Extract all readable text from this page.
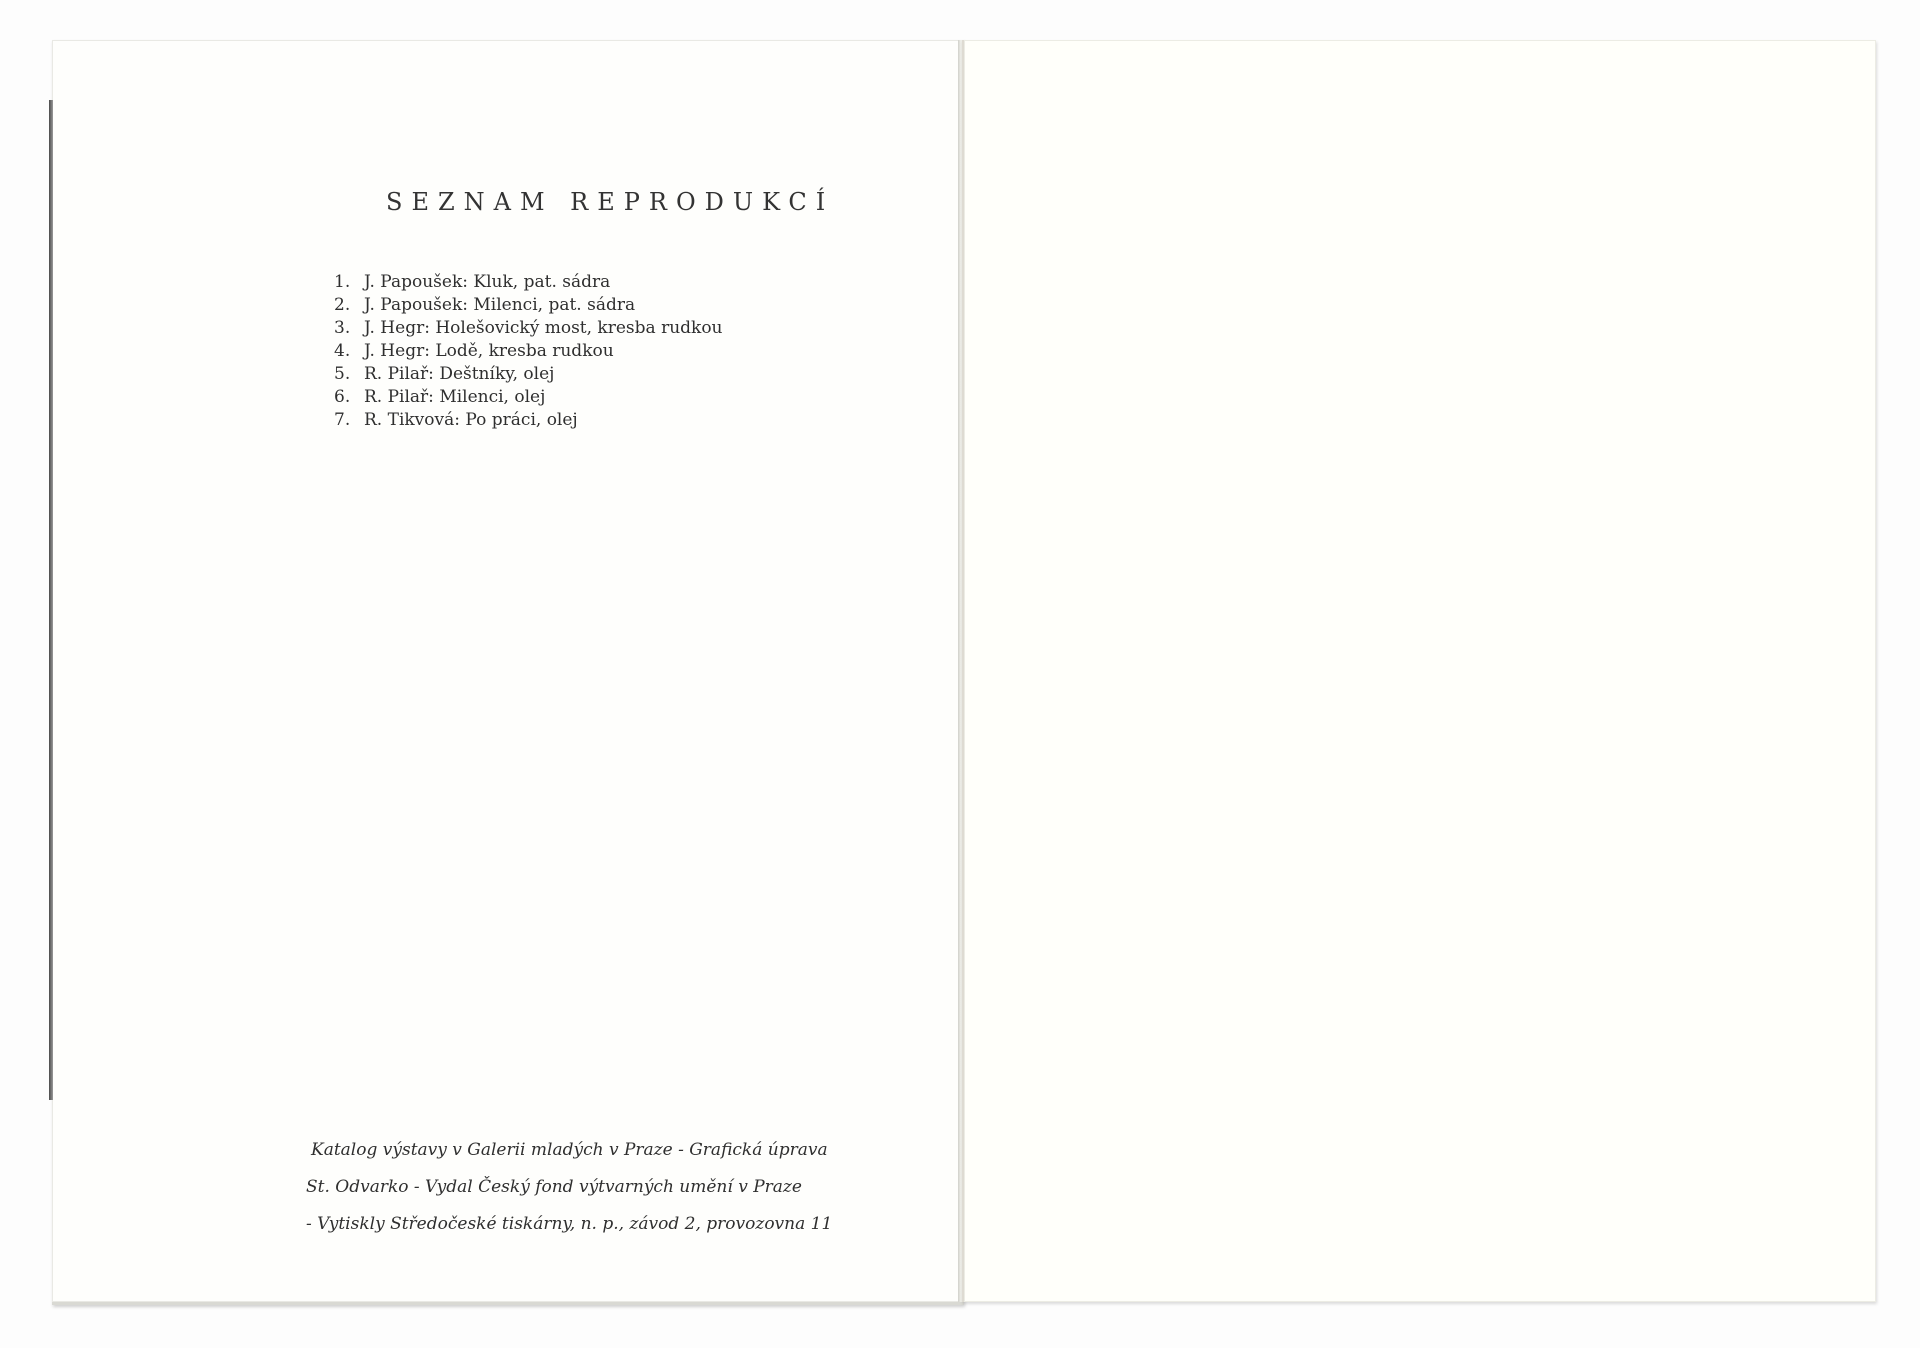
SEZNAM REPRODUKCÍ
1. J. Papoušek: Kluk, pat. sádra
2. J. Papoušek: Milenci, pat. sádra
3. J. Hegr: Holešovický most, kresba rudkou
4. J. Hegr: Lodě, kresba rudkou
5. R. Pilař: Deštníky, olej
6. R. Pilař: Milenci, olej
7. R. Tikvová: Po práci, olej
Katalog výstavy v Galerii mladých v Praze - Grafická úprava
St. Odvarko - Vydal Český fond výtvarných umění v Praze
- Vytiskly Středočeské tiskárny, n. p., závod 2, provozovna 11
